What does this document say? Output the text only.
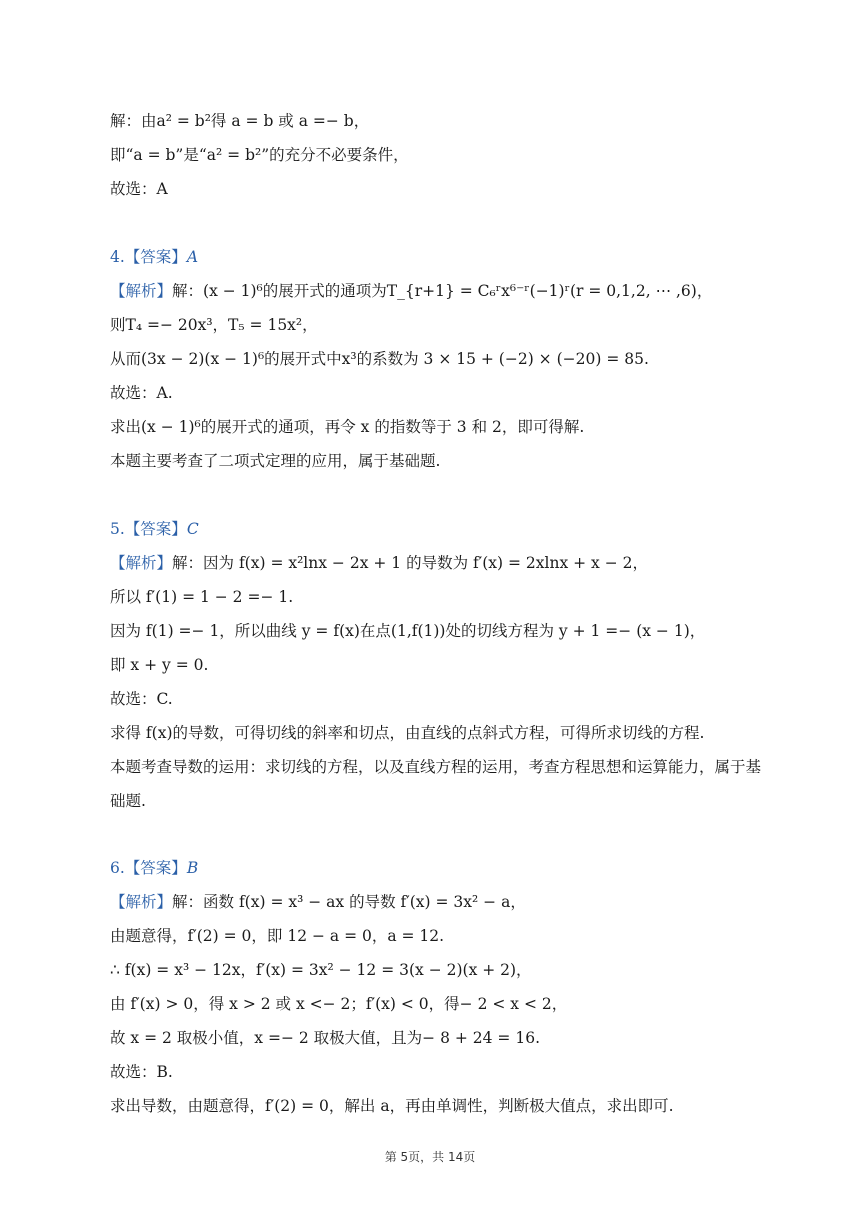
解：由a² = b²得 a = b 或 a =− b，
即“a = b”是“a² = b²”的充分不必要条件，
故选：A
4.【答案】A
【解析】解：(x − 1)⁶的展开式的通项为T_{r+1} = C₆ʳx⁶⁻ʳ(−1)ʳ(r = 0,1,2, ⋯ ,6)，
则T₄ =− 20x³，T₅ = 15x²，
从而(3x − 2)(x − 1)⁶的展开式中x³的系数为 3 × 15 + (−2) × (−20) = 85.
故选：A.
求出(x − 1)⁶的展开式的通项，再令 x 的指数等于 3 和 2，即可得解.
本题主要考查了二项式定理的应用，属于基础题.
5.【答案】C
【解析】解：因为 f(x) = x²lnx − 2x + 1 的导数为 f′(x) = 2xlnx + x − 2，
所以 f′(1) = 1 − 2 =− 1.
因为 f(1) =− 1，所以曲线 y = f(x)在点(1,f(1))处的切线方程为 y + 1 =− (x − 1)，
即 x + y = 0.
故选：C.
求得 f(x)的导数，可得切线的斜率和切点，由直线的点斜式方程，可得所求切线的方程.
本题考查导数的运用：求切线的方程，以及直线方程的运用，考查方程思想和运算能力，属于基
础题.
6.【答案】B
【解析】解：函数 f(x) = x³ − ax 的导数 f′(x) = 3x² − a，
由题意得，f′(2) = 0，即 12 − a = 0，a = 12.
∴ f(x) = x³ − 12x，f′(x) = 3x² − 12 = 3(x − 2)(x + 2)，
由 f′(x) > 0，得 x > 2 或 x <− 2；f′(x) < 0，得− 2 < x < 2，
故 x = 2 取极小值，x =− 2 取极大值，且为− 8 + 24 = 16.
故选：B.
求出导数，由题意得，f′(2) = 0，解出 a，再由单调性，判断极大值点，求出即可.
第 5页，共 14页
